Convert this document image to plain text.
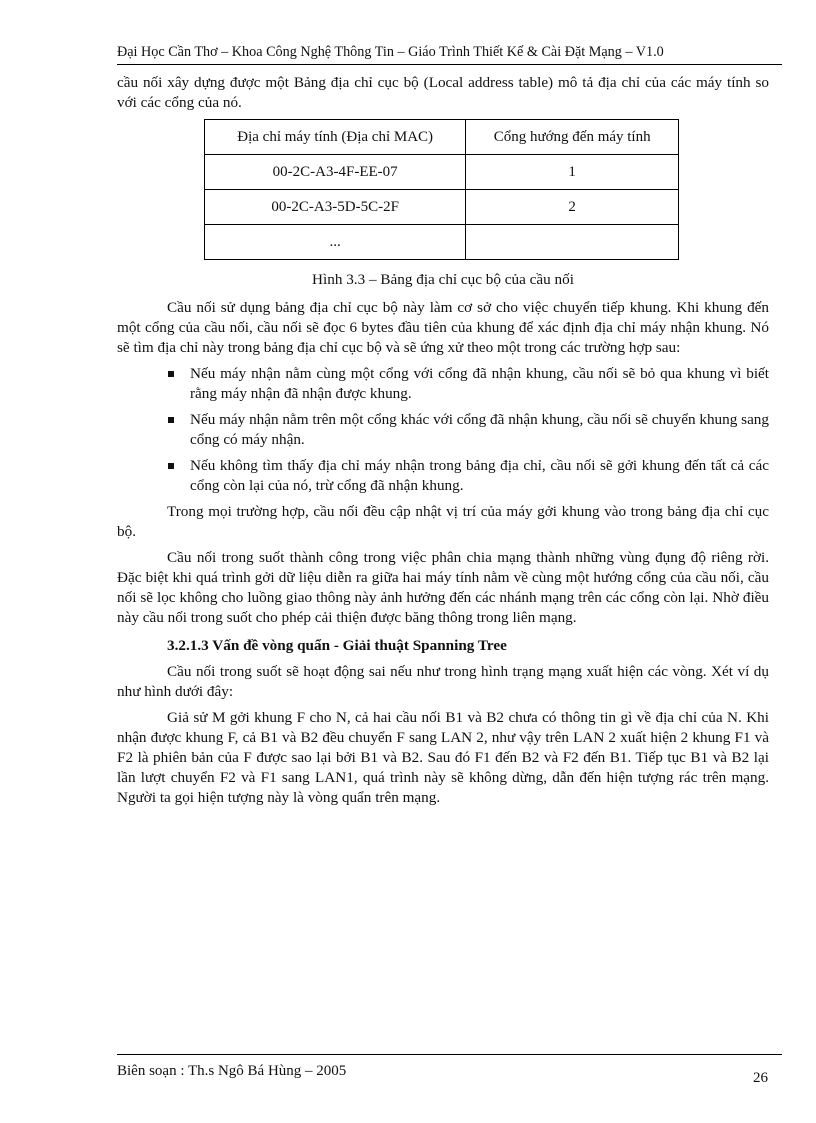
Đại Học Cần Thơ – Khoa Công Nghệ Thông Tin – Giáo Trình Thiết Kế & Cài Đặt Mạng – V1.0

cầu nối xây dựng được một Bảng địa chỉ cục bộ (Local address table) mô tả địa chỉ của các máy tính so với các cổng của nó.

Địa chỉ máy tính (Địa chỉ MAC)	Cổng hướng đến máy tính
00-2C-A3-4F-EE-07	1
00-2C-A3-5D-5C-2F	2
...	

Hình 3.3 – Bảng địa chỉ cục bộ của cầu nối

Cầu nối sử dụng bảng địa chỉ cục bộ này làm cơ sở cho việc chuyển tiếp khung. Khi khung đến một cổng của cầu nối, cầu nối sẽ đọc 6 bytes đầu tiên của khung để xác định địa chỉ máy nhận khung. Nó sẽ tìm địa chỉ này trong bảng địa chỉ cục bộ và sẽ ứng xử theo một trong các trường hợp sau:

Nếu máy nhận nằm cùng một cổng với cổng đã nhận khung, cầu nối sẽ bỏ qua khung vì biết rằng máy nhận đã nhận được khung.
Nếu máy nhận nằm trên một cổng khác với cổng đã nhận khung, cầu nối sẽ chuyển khung sang cổng có máy nhận.
Nếu không tìm thấy địa chỉ máy nhận trong bảng địa chỉ, cầu nối sẽ gởi khung đến tất cả các cổng còn lại của nó, trừ cổng đã nhận khung.

Trong mọi trường hợp, cầu nối đều cập nhật vị trí của máy gởi khung vào trong bảng địa chỉ cục bộ.

Cầu nối trong suốt thành công trong việc phân chia mạng thành những vùng đụng độ riêng rời. Đặc biệt khi quá trình gởi dữ liệu diễn ra giữa hai máy tính nằm về cùng một hướng cổng của cầu nối, cầu nối sẽ lọc không cho luồng giao thông này ảnh hưởng đến các nhánh mạng trên các cổng còn lại. Nhờ điều này cầu nối trong suốt cho phép cải thiện được băng thông trong liên mạng.

3.2.1.3 Vấn đề vòng quẩn - Giải thuật Spanning Tree

Cầu nối trong suốt sẽ hoạt động sai nếu như trong hình trạng mạng xuất hiện các vòng. Xét ví dụ như hình dưới đây:

Giả sử M gởi khung F cho N, cả hai cầu nối B1 và B2 chưa có thông tin gì về địa chỉ của N. Khi nhận được khung F, cả B1 và B2 đều chuyển F sang LAN 2, như vậy trên LAN 2 xuất hiện 2 khung F1 và F2 là phiên bản của F được sao lại bởi B1 và B2. Sau đó F1 đến B2 và F2 đến B1. Tiếp tục B1 và B2 lại lần lượt chuyển F2 và F1 sang LAN1, quá trình này sẽ không dừng, dẫn đến hiện tượng rác trên mạng. Người ta gọi hiện tượng này là vòng quẩn trên mạng.

Biên soạn : Th.s Ngô Bá Hùng – 2005	26
